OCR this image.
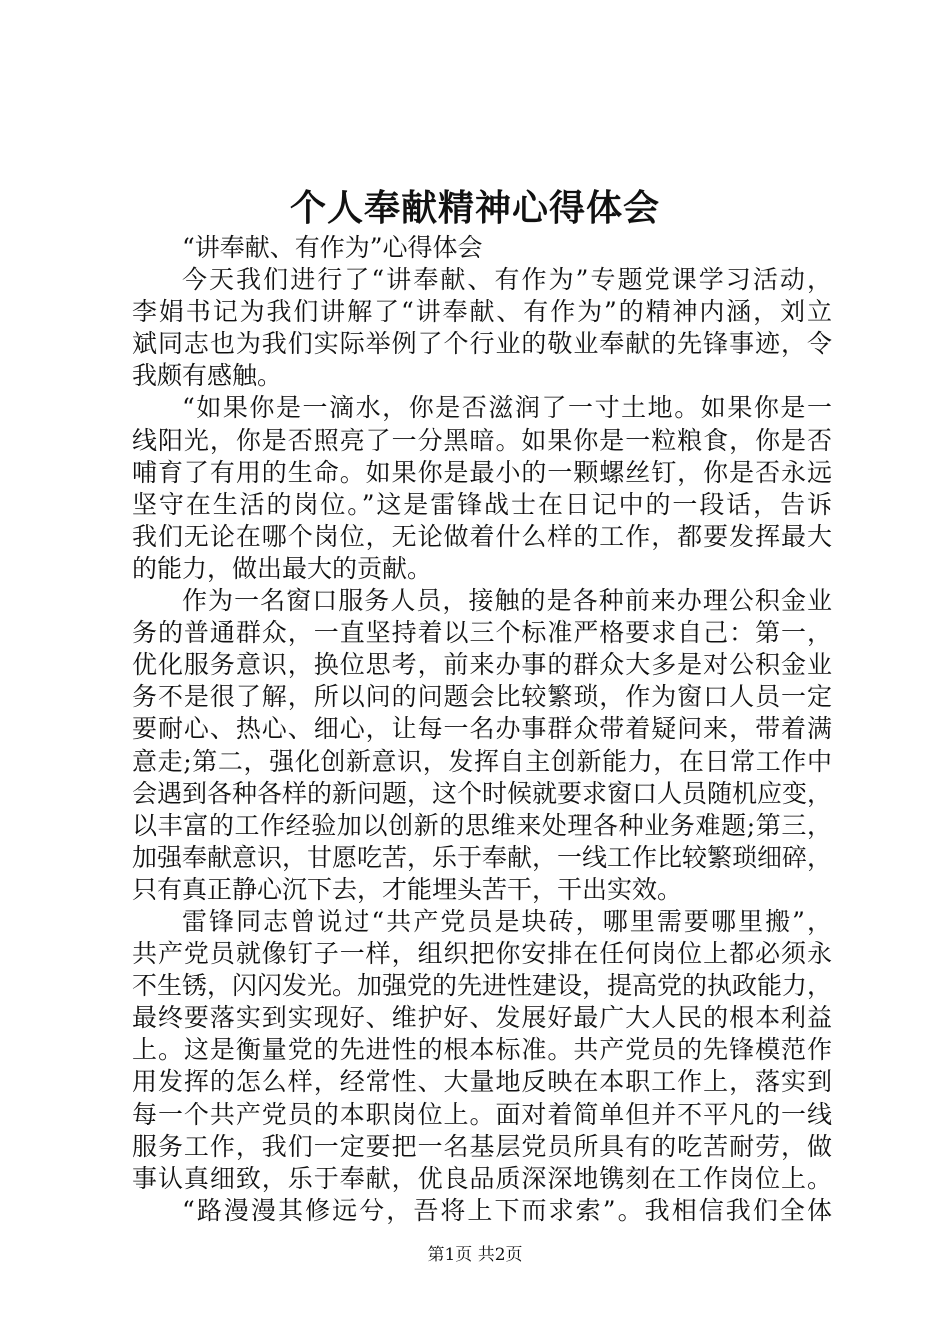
个人奉献精神心得体会
“讲奉献、有作为”心得体会
今天我们进行了“讲奉献、有作为”专题党课学习活动，
李娟书记为我们讲解了“讲奉献、有作为”的精神内涵，刘立
斌同志也为我们实际举例了个行业的敬业奉献的先锋事迹，令
我颇有感触。
“如果你是一滴水，你是否滋润了一寸土地。如果你是一
线阳光，你是否照亮了一分黑暗。如果你是一粒粮食，你是否
哺育了有用的生命。如果你是最小的一颗螺丝钉，你是否永远
坚守在生活的岗位。”这是雷锋战士在日记中的一段话，告诉
我们无论在哪个岗位，无论做着什么样的工作，都要发挥最大
的能力，做出最大的贡献。
作为一名窗口服务人员，接触的是各种前来办理公积金业
务的普通群众，一直坚持着以三个标准严格要求自己：第一，
优化服务意识，换位思考，前来办事的群众大多是对公积金业
务不是很了解，所以问的问题会比较繁琐，作为窗口人员一定
要耐心、热心、细心，让每一名办事群众带着疑问来，带着满
意走;第二，强化创新意识，发挥自主创新能力，在日常工作中
会遇到各种各样的新问题，这个时候就要求窗口人员随机应变，
以丰富的工作经验加以创新的思维来处理各种业务难题;第三，
加强奉献意识，甘愿吃苦，乐于奉献，一线工作比较繁琐细碎，
只有真正静心沉下去，才能埋头苦干，干出实效。
雷锋同志曾说过“共产党员是块砖，哪里需要哪里搬”，
共产党员就像钉子一样，组织把你安排在任何岗位上都必须永
不生锈，闪闪发光。加强党的先进性建设，提高党的执政能力，
最终要落实到实现好、维护好、发展好最广大人民的根本利益
上。这是衡量党的先进性的根本标准。共产党员的先锋模范作
用发挥的怎么样，经常性、大量地反映在本职工作上，落实到
每一个共产党员的本职岗位上。面对着简单但并不平凡的一线
服务工作，我们一定要把一名基层党员所具有的吃苦耐劳，做
事认真细致，乐于奉献，优良品质深深地镌刻在工作岗位上。
“路漫漫其修远兮，吾将上下而求索”。我相信我们全体
第1页 共2页
